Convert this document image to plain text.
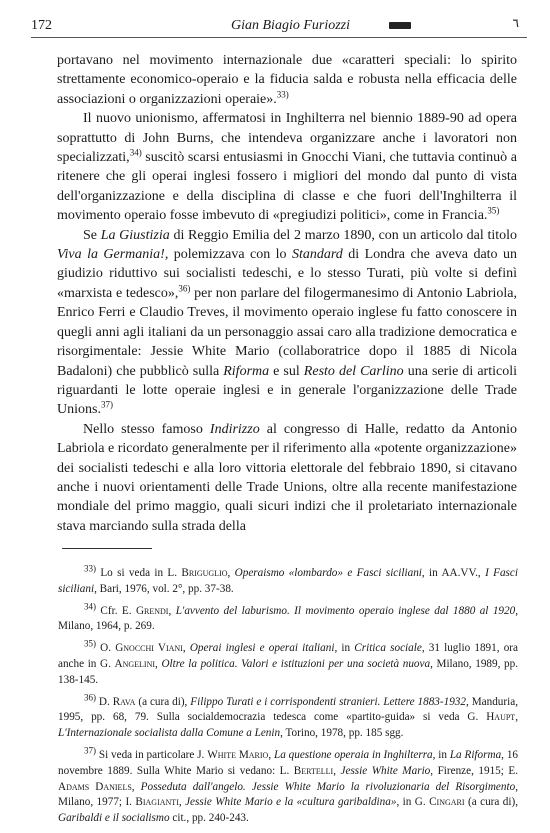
172	Gian Biagio Furiozzi	٦

portavano nel movimento internazionale due «caratteri speciali: lo spirito strettamente economico-operaio e la fiducia salda e robusta nella efficacia delle associazioni o organizzazioni operaie».$^{33)}$

Il nuovo unionismo, affermatosi in Inghilterra nel biennio 1889-90 ad opera soprattutto di John Burns, che intendeva organizzare anche i lavoratori non specializzati,$^{34)}$ suscitò scarsi entusiasmi in Gnocchi Viani, che tuttavia continuò a ritenere che gli operai inglesi fossero i migliori del mondo dal punto di vista dell'organizzazione e della disciplina di classe e che fuori dell'Inghilterra il movimento operaio fosse imbevuto di «pregiudizi politici», come in Francia.$^{35)}$

Se La Giustizia di Reggio Emilia del 2 marzo 1890, con un articolo dal titolo Viva la Germania!, polemizzava con lo Standard di Londra che aveva dato un giudizio riduttivo sui socialisti tedeschi, e lo stesso Turati, più volte si definì «marxista e tedesco»,$^{36)}$ per non parlare del filogermanesimo di Antonio Labriola, Enrico Ferri e Claudio Treves, il movimento operaio inglese fu fatto conoscere in quegli anni agli italiani da un personaggio assai caro alla tradizione democratica e risorgimentale: Jessie White Mario (collaboratrice dopo il 1885 di Nicola Badaloni) che pubblicò sulla Riforma e sul Resto del Carlino una serie di articoli riguardanti le lotte operaie inglesi e in generale l'organizzazione delle Trade Unions.$^{37)}$

Nello stesso famoso Indirizzo al congresso di Halle, redatto da Antonio Labriola e ricordato generalmente per il riferimento alla «potente organizzazione» dei socialisti tedeschi e alla loro vittoria elettorale del febbraio 1890, si citavano anche i nuovi orientamenti delle Trade Unions, oltre alla recente manifestazione mondiale del primo maggio, quali sicuri indizi che il proletariato internazionale stava marciando sulla strada della

$^{33)}$ Lo si veda in L. Briguglio, Operaismo «lombardo» e Fasci siciliani, in AA.VV., I Fasci siciliani, Bari, 1976, vol. 2°, pp. 37-38.

$^{34)}$ Cfr. E. Grendi, L'avvento del laburismo. Il movimento operaio inglese dal 1880 al 1920, Milano, 1964, p. 269.

$^{35)}$ O. Gnocchi Viani, Operai inglesi e operai italiani, in Critica sociale, 31 luglio 1891, ora anche in G. Angelini, Oltre la politica. Valori e istituzioni per una società nuova, Milano, 1989, pp. 138-145.

$^{36)}$ D. Rava (a cura di), Filippo Turati e i corrispondenti stranieri. Lettere 1883-1932, Manduria, 1995, pp. 68, 79. Sulla socialdemocrazia tedesca come «partito-guida» si veda G. Haupt, L'Internazionale socialista dalla Comune a Lenin, Torino, 1978, pp. 185 sgg.

$^{37)}$ Si veda in particolare J. White Mario, La questione operaia in Inghilterra, in La Riforma, 16 novembre 1889. Sulla White Mario si vedano: L. Bertelli, Jessie White Mario, Firenze, 1915; E. Adams Daniels, Posseduta dall'angelo. Jessie White Mario la rivoluzionaria del Risorgimento, Milano, 1977; I. Biagianti, Jessie White Mario e la «cultura garibaldina», in G. Cingari (a cura di), Garibaldi e il socialismo cit., pp. 240-243.
